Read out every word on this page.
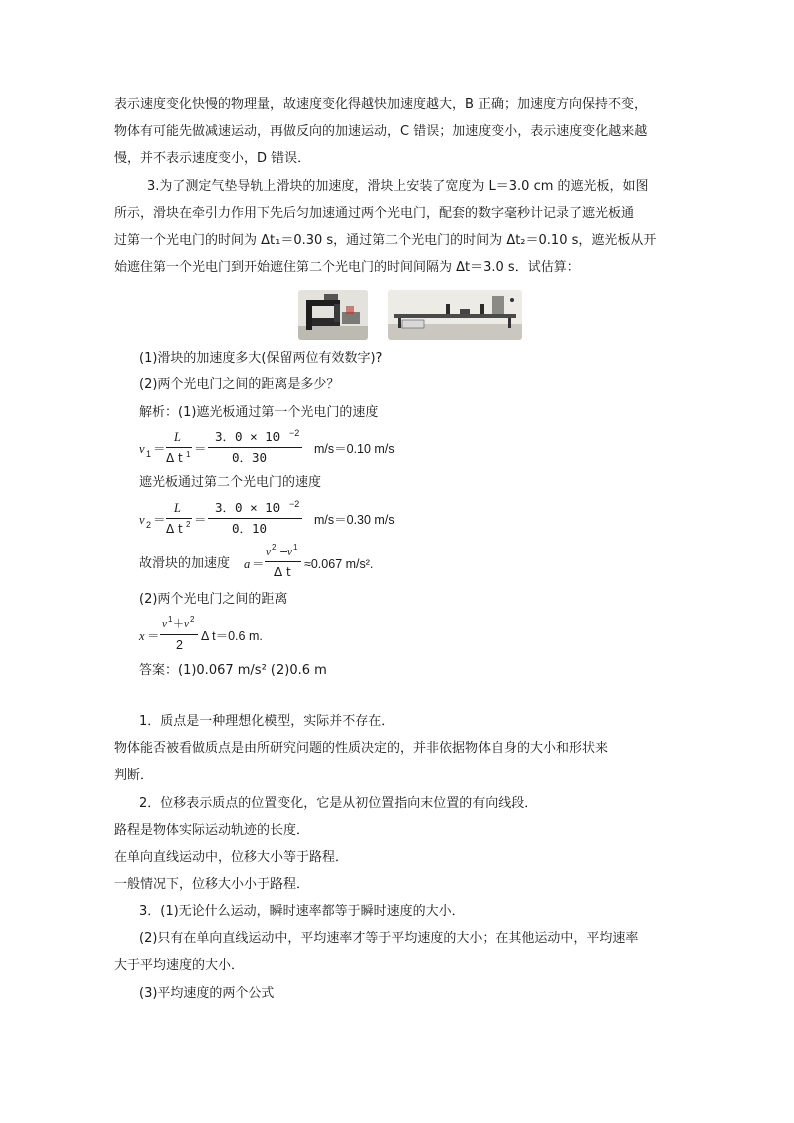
表示速度变化快慢的物理量，故速度变化得越快加速度越大，B 正确；加速度方向保持不变，
物体有可能先做减速运动，再做反向的加速运动，C 错误；加速度变小，表示速度变化越来越
慢，并不表示速度变小，D 错误．
3.为了测定气垫导轨上滑块的加速度，滑块上安装了宽度为 L＝3.0 cm 的遮光板，如图
所示，滑块在牵引力作用下先后匀加速通过两个光电门，配套的数字毫秒计记录了遮光板通
过第一个光电门的时间为 Δt₁＝0.30 s，通过第二个光电门的时间为 Δt₂＝0.10 s，遮光板从开
始遮住第一个光电门到开始遮住第二个光电门的时间间隔为 Δt＝3.0 s．试估算：
(1)滑块的加速度多大(保留两位有效数字)?
(2)两个光电门之间的距离是多少？
解析：(1)遮光板通过第一个光电门的速度
v 1 ＝
L
Δ t 1 ＝
3．0 × 10 −2
0．30
m/s＝0.10 m/s
遮光板通过第二个光电门的速度
v 2 ＝
L
Δ t 2 ＝
3．0 × 10 −2
0．10
m/s＝0.30 m/s
故滑块的加速度 a ＝
v 2 −
v 1
Δ t
≈0.067 m/s².
(2)两个光电门之间的距离
x ＝
v 1 ＋ v 2
2
Δ t＝0.6 m.
答案：(1)0.067 m/s² (2)0.6 m
1．质点是一种理想化模型，实际并不存在．
物体能否被看做质点是由所研究问题的性质决定的，并非依据物体自身的大小和形状来
判断．
2．位移表示质点的位置变化，它是从初位置指向末位置的有向线段．
路程是物体实际运动轨迹的长度．
在单向直线运动中，位移大小等于路程．
一般情况下，位移大小小于路程．
3．(1)无论什么运动，瞬时速率都等于瞬时速度的大小．
(2)只有在单向直线运动中，平均速率才等于平均速度的大小；在其他运动中，平均速率
大于平均速度的大小．
(3)平均速度的两个公式
